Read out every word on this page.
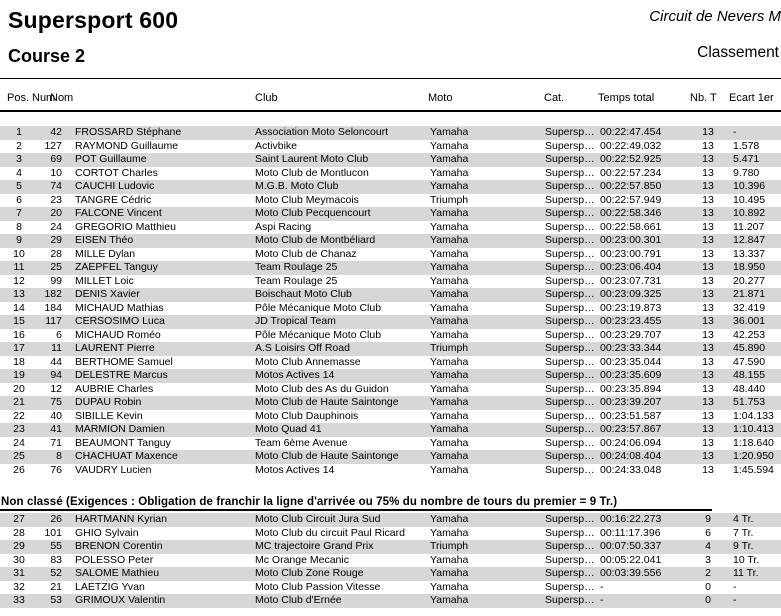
Supersport 600
Course 2
Circuit de Nevers M
Classement
Pos. Num
Nom	Club	Moto	Cat.	Temps total	Nb. T Ecart 1er
1	42	FROSSARD Stéphane	Association Moto Seloncourt	Yamaha	Supersp… 00:22:47.454	13	-
2	127	RAYMOND Guillaume	Activbike	Yamaha	Supersp… 00:22:49.032	13	1.578
3	69	POT Guillaume	Saint Laurent Moto Club	Yamaha	Supersp… 00:22:52.925	13	5.471
4	10	CORTOT Charles	Moto Club de Montlucon	Yamaha	Supersp… 00:22:57.234	13	9.780
5	74	CAUCHI Ludovic	M.G.B. Moto Club	Yamaha	Supersp… 00:22:57.850	13	10.396
6	23	TANGRE Cédric	Moto Club Meymacois	Triumph	Supersp… 00:22:57.949	13	10.495
7	20	FALCONE Vincent	Moto Club Pecquencourt	Yamaha	Supersp… 00:22:58.346	13	10.892
8	24	GREGORIO Matthieu	Aspi Racing	Yamaha	Supersp… 00:22:58.661	13	11.207
9	29	EISEN Théo	Moto Club de Montbéliard	Yamaha	Supersp… 00:23:00.301	13	12.847
10	28	MILLE Dylan	Moto Club de Chanaz	Yamaha	Supersp… 00:23:00.791	13	13.337
11	25	ZAEPFEL Tanguy	Team Roulage 25	Yamaha	Supersp… 00:23:06.404	13	18.950
12	99	MILLET Loic	Team Roulage 25	Yamaha	Supersp… 00:23:07.731	13	20.277
13	182	DENIS Xavier	Boischaut Moto Club	Yamaha	Supersp… 00:23:09.325	13	21.871
14	184	MICHAUD Mathias	Pôle Mécanique Moto Club	Yamaha	Supersp… 00:23:19.873	13	32.419
15	117	CERSOSIMO Luca	JD Tropical Team	Yamaha	Supersp… 00:23:23.455	13	36.001
16	6	MICHAUD Roméo	Pôle Mécanique Moto Club	Yamaha	Supersp… 00:23:29.707	13	42.253
17	11	LAURENT Pierre	A.S Loisirs Off Road	Triumph	Supersp… 00:23:33.344	13	45.890
18	44	BERTHOME Samuel	Moto Club Annemasse	Yamaha	Supersp… 00:23:35.044	13	47.590
19	94	DELESTRE Marcus	Motos Actives 14	Yamaha	Supersp… 00:23:35.609	13	48.155
20	12	AUBRIE Charles	Moto Club des As du Guidon	Yamaha	Supersp… 00:23:35.894	13	48.440
21	75	DUPAU Robin	Moto Club de Haute Saintonge	Yamaha	Supersp… 00:23:39.207	13	51.753
22	40	SIBILLE Kevin	Moto Club Dauphinois	Yamaha	Supersp… 00:23:51.587	13	1:04.133
23	41	MARMION Damien	Moto Quad 41	Yamaha	Supersp… 00:23:57.867	13	1:10.413
24	71	BEAUMONT Tanguy	Team 6ème Avenue	Yamaha	Supersp… 00:24:06.094	13	1:18.640
25	8	CHACHUAT Maxence	Moto Club de Haute Saintonge	Yamaha	Supersp… 00:24:08.404	13	1:20.950
26	76	VAUDRY Lucien	Motos Actives 14	Yamaha	Supersp… 00:24:33.048	13	1:45.594
Non classé (Exigences : Obligation de franchir la ligne d'arrivée ou 75% du nombre de tours du premier = 9 Tr.)
27	26	HARTMANN Kyrian	Moto Club Circuit Jura Sud	Yamaha	Supersp… 00:16:22.273	9	4 Tr.
28	101	GHIO Sylvain	Moto Club du circuit Paul Ricard	Yamaha	Supersp… 00:11:17.396	6	7 Tr.
29	55	BRENON Corentin	MC trajectoire Grand Prix	Triumph	Supersp… 00:07:50.337	4	9 Tr.
30	83	POLESSO Peter	Mc Orange Mecanic	Yamaha	Supersp… 00:05:22.041	3	10 Tr.
31	52	SALOME Mathieu	Moto Club Zone Rouge	Yamaha	Supersp… 00:03:39.556	2	11 Tr.
32	21	LAETZIG Yvan	Moto Club Passion Vitesse	Yamaha	Supersp… -	0	-
33	53	GRIMOUX Valentin	Moto Club d'Ernée	Yamaha	Supersp… -	0	-
